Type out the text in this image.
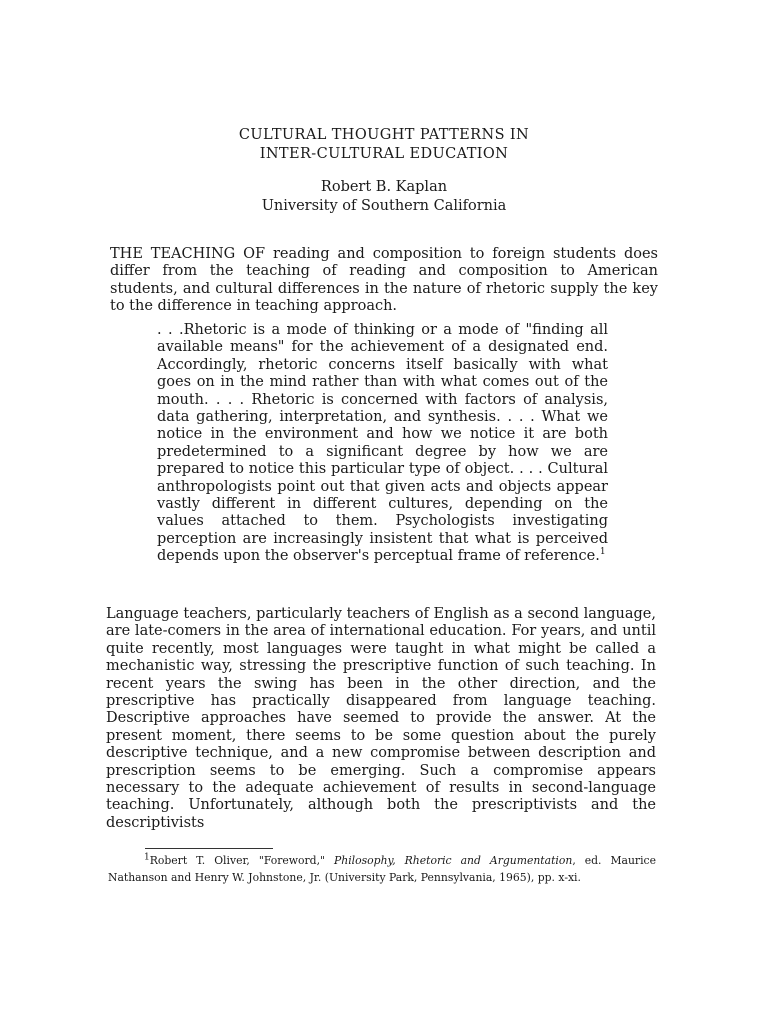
CULTURAL THOUGHT PATTERNS IN
INTER-CULTURAL EDUCATION
Robert B. Kaplan
University of Southern California

THE TEACHING OF reading and composition to foreign students does differ from the teaching of reading and composition to American students, and cultural differences in the nature of rhetoric supply the key to the difference in teaching approach.

. . .Rhetoric is a mode of thinking or a mode of "finding all available means" for the achievement of a designated end. Accordingly, rhetoric concerns itself basically with what goes on in the mind rather than with what comes out of the mouth. . . . Rhetoric is concerned with factors of analysis, data gathering, interpretation, and synthesis. . . . What we notice in the environment and how we notice it are both predetermined to a significant degree by how we are prepared to notice this particular type of object. . . . Cultural anthropologists point out that given acts and objects appear vastly different in different cultures, depending on the values attached to them. Psychologists investigating perception are increasingly insistent that what is perceived depends upon the observer's perceptual frame of reference.$^1$

Language teachers, particularly teachers of English as a second language, are late-comers in the area of international education. For years, and until quite recently, most languages were taught in what might be called a mechanistic way, stressing the prescriptive function of such teaching. In recent years the swing has been in the other direction, and the prescriptive has practically disappeared from language teaching. Descriptive approaches have seemed to provide the answer. At the present moment, there seems to be some question about the purely descriptive technique, and a new compromise between description and prescription seems to be emerging. Such a compromise appears necessary to the adequate achievement of results in second-language teaching. Unfortunately, although both the prescriptivists and the descriptivists

$^1$Robert T. Oliver, "Foreword," Philosophy, Rhetoric and Argumentation, ed. Maurice Nathanson and Henry W. Johnstone, Jr. (University Park, Pennsylvania, 1965), pp. x-xi.
